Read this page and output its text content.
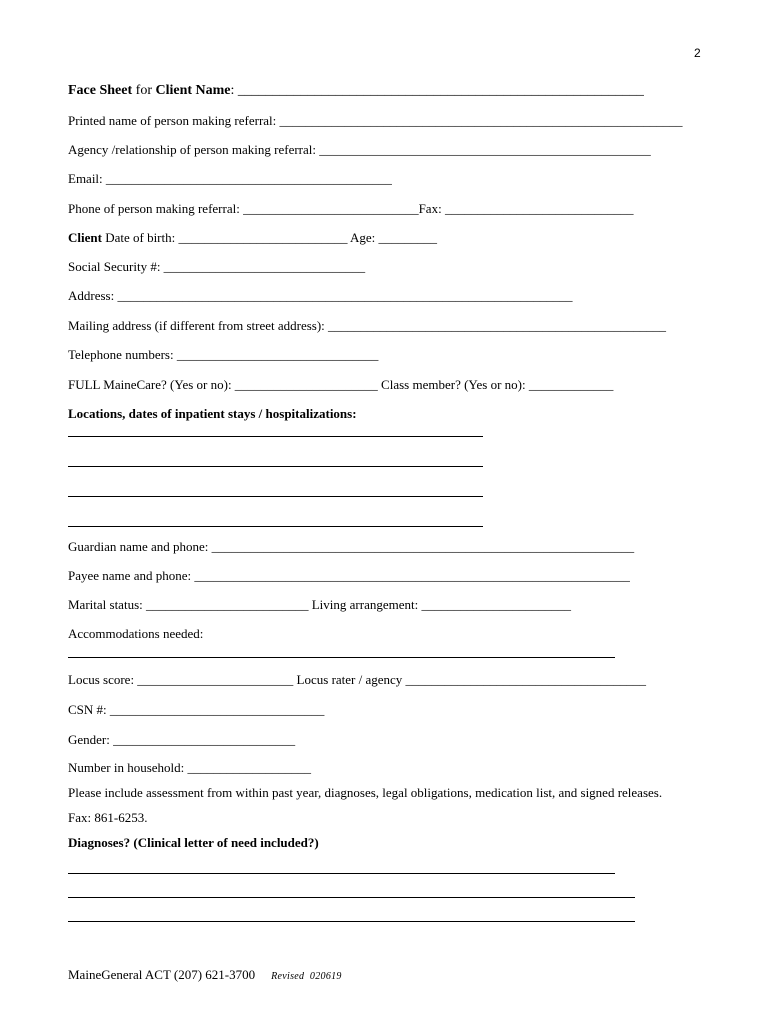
2

Face Sheet for Client Name: __________________________________________________________

Printed name of person making referral: ______________________________________________________________

Agency /relationship of person making referral: ___________________________________________________

Email: ____________________________________________

Phone of person making referral: ___________________________Fax: _____________________________

Client Date of birth: __________________________ Age: _________

Social Security #: _______________________________

Address: ______________________________________________________________________

Mailing address (if different from street address): ____________________________________________________

Telephone numbers: _______________________________

FULL MaineCare? (Yes or no): ______________________ Class member? (Yes or no): _____________

Locations, dates of inpatient stays / hospitalizations:

Guardian name and phone: _________________________________________________________________

Payee name and phone: ___________________________________________________________________

Marital status: _________________________ Living arrangement: _______________________

Accommodations needed:

Locus score: ________________________ Locus rater / agency _____________________________________

CSN #: _________________________________

Gender: ____________________________

Number in household: ___________________

Please include assessment from within past year, diagnoses, legal obligations, medication list, and signed releases.

Fax: 861-6253.

Diagnoses? (Clinical letter of need included?)

MaineGeneral ACT (207) 621-3700 Revised  020619
